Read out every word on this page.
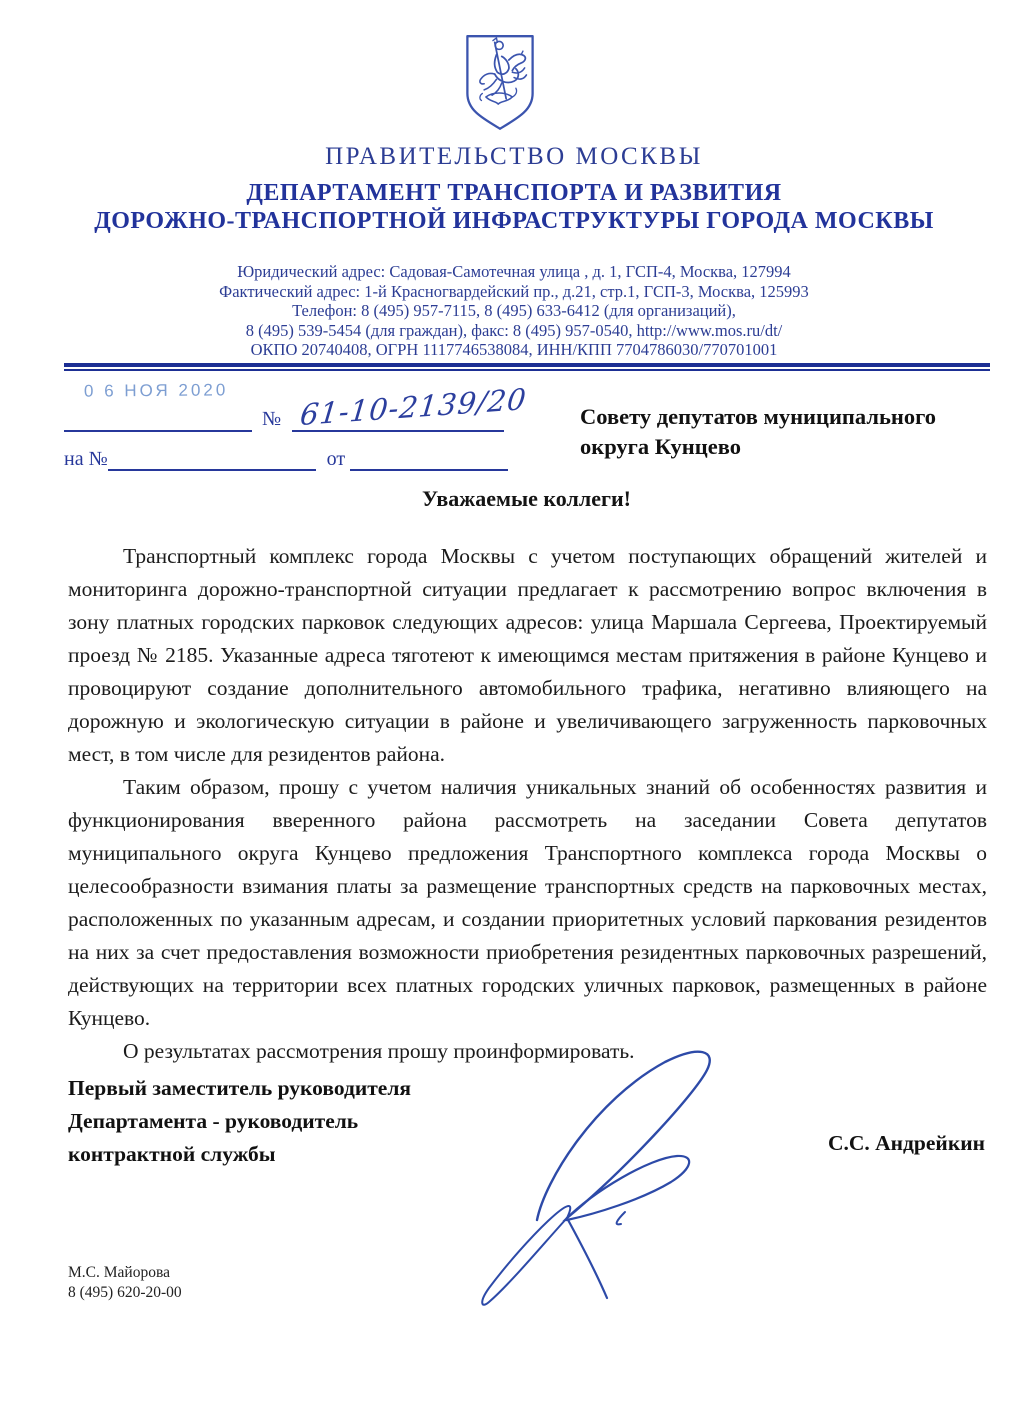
ПРАВИТЕЛЬСТВО МОСКВЫ
ДЕПАРТАМЕНТ ТРАНСПОРТА И РАЗВИТИЯ
ДОРОЖНО-ТРАНСПОРТНОЙ ИНФРАСТРУКТУРЫ ГОРОДА МОСКВЫ
Юридический адрес: Садовая-Самотечная улица , д. 1, ГСП-4, Москва, 127994
Фактический адрес: 1-й Красногвардейский пр., д.21, стр.1, ГСП-3, Москва, 125993
Телефон: 8 (495) 957-7115, 8 (495) 633-6412 (для организаций),
8 (495) 539-5454 (для граждан), факс: 8 (495) 957-0540, http://www.mos.ru/dt/
ОКПО 20740408, ОГРН 1117746538084, ИНН/КПП 7704786030/770701001
0 6 НОЯ 2020
№ 61-10-2139/20
на №	от
Совету депутатов муниципального
округа Кунцево
Уважаемые коллеги!

Транспортный комплекс города Москвы с учетом поступающих обращений жителей и мониторинга дорожно-транспортной ситуации предлагает к рассмотрению вопрос включения в зону платных городских парковок следующих адресов: улица Маршала Сергеева, Проектируемый проезд № 2185. Указанные адреса тяготеют к имеющимся местам притяжения в районе Кунцево и провоцируют создание дополнительного автомобильного трафика, негативно влияющего на дорожную и экологическую ситуации в районе и увеличивающего загруженность парковочных мест, в том числе для резидентов района.

Таким образом, прошу с учетом наличия уникальных знаний об особенностях развития и функционирования вверенного района рассмотреть на заседании Совета депутатов муниципального округа Кунцево предложения Транспортного комплекса города Москвы о целесообразности взимания платы за размещение транспортных средств на парковочных местах, расположенных по указанным адресам, и создании приоритетных условий паркования резидентов на них за счет предоставления возможности приобретения резидентных парковочных разрешений, действующих на территории всех платных городских уличных парковок, размещенных в районе Кунцево.

О результатах рассмотрения прошу проинформировать.

Первый заместитель руководителя
Департамента - руководитель
контрактной службы	С.С. Андрейкин
М.С. Майорова
8 (495) 620-20-00
